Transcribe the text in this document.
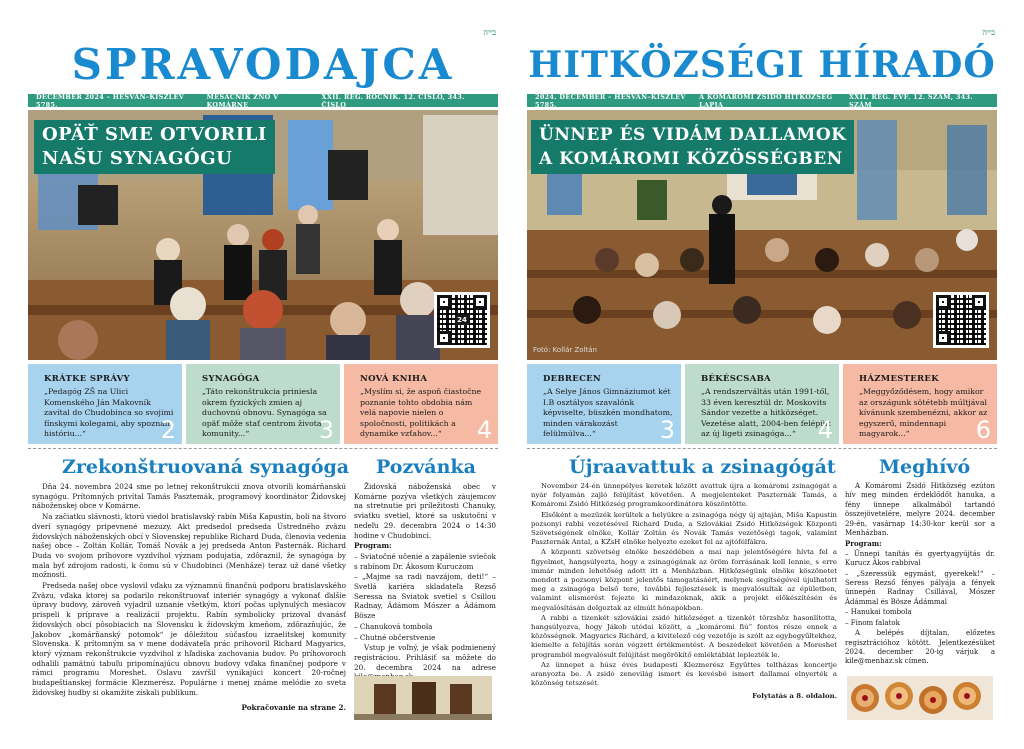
בייה
SPRAVODAJCA
DECEMBER 2024 – HESVÁN–KISZLÉV 5785.
MESAČNÍK ŽNO V KOMÁRNE
XXII. REG. ROČNÍK. 12. ČÍSLO, 343. ČÍSLO
OPÄŤ SME OTVORILI
NAŠU SYNAGÓGU
24
KRÁTKE SPRÁVY

„Pedagóg ZŠ na Ulici Komenského Ján Makovník zavítal do Chudobinca so svojimi fínskymi kolegami, aby spoznali históriu...“	2
SYNAGÓGA

„Táto rekonštrukcia priniesla okrem fyzických zmien aj duchovnú obnovu. Synagóga sa opäť môže stať centrom života komunity...“	3
NOVÁ KNIHA

„Myslím si, že aspoň čiastočne poznanie tohto obdobia nám velá napovie nielen o spoločnosti, politikách a dynamike vzťahov...“	4
Zrekonštruovaná synagóga

Dňa 24. novembra 2024 sme po letnej rekonštrukcii znova otvorili komárňanskú synagógu. Prítomných privítal Tamás Pasztemák, programový koordinátor Židovskej náboženskej obce v Komárne.

Na začiatku slávnosti, ktorú viedol bratislavský rabín Miša Kapustin, boli na štvoro dverí synagógy pripevnené mezuzy. Akt predsedol predseda Ústredného zväzu židovských náboženských obcí v Slovenskej republike Richard Duda, členovia vedenia našej obce – Zoltán Kollár, Tomáš Novák a jej predseda Anton Pasternák. Richard Duda vo svojom príhovore vyzdvihol význam podujatia, zdôraznil, že synagóga by mala byť zdrojom radosti, k čomu sú v Chudobinci (Menháze) teraz už dané všetky možnosti.

Predseda našej obce vyslovil vďaku za významnú finančnú podporu bratislavského Zväzu, vďaka ktorej sa podarilo rekonštruovať interiér synagógy a vykonať ďalšie úpravy budovy, zároveň vyjadril uznanie všetkým, ktorí počas uplynulých mesiacov prispeli k príprave a realizácii projektu. Rabín symbolicky prizoval dvanásť židovských obcí pôsobiacich na Slovensku k židovským kmeňom, zdôrazňujúc, že Jakobov „komárňanský potomok“ je dôležitou súčasťou izraelitskej komunity Slovenska. K prítomným sa v mene dodávateľa prác prihovoril Richard Magyarics, ktorý význam rekonštrukcie vyzdvihol z hľadiska zachovania budov. Po príhovoroch odhalili pamätnú tabuľu pripomínajúcu obnovu budovy vďaka finančnej podpore v rámci programu Moreshet. Oslavu zavŕšil vynikajúci koncert 20-ročnej budapeštianskej formácie Klezmerész. Populárne i menej známe melódie zo sveta židovskej hudby si okamžite získali publikum.

Pokračovanie na strane 2.

Pozvánka

Židovská náboženská obec v Komárne pozýva všetkých záujemcov na stretnutie pri príležitosti Chanuky, sviatku svetiel, ktoré sa uskutoční v nedeľu 29. decembra 2024 o 14:30 hodine v Chudobinci.

Program:

– Sviatočné učenie a zapálenie sviečok s rabínom Dr. Ákosom Kuruczom

– „Majme sa radi navzájom, deti!“ – Svetlá kariéra skladateľa Rezső Seressa na Sviatok svetiel s Csillou Radnay, Ádámom Mószer a Ádámom Bösze

– Chanuková tombola

– Chutné občerstvenie

Vstup je voľný, je však podmienený registráciou. Prihlásiť sa môžete do 20. decembra 2024 na adrese

בייה
HITKÖZSÉGI HÍRADÓ
2024. DECEMBER – HESVÁN–KISZLÉV 5785.
A KOMÁROMI ZSIDÓ HITKÖZSÉG LAPJA
XXII. REG. ÉVF. 12. SZÁM, 343. SZÁM
ÜNNEP ÉS VIDÁM DALLAMOK
A KOMÁROMI KÖZÖSSÉGBEN
Fotó: Kollár Zoltán
DEBRECEN

„A Selye János Gimnáziumot két I.B osztályos szavalónk képviselte, büszkén mondhatom, minden várakozást felülmúlva...“	3
BÉKÉSCSABA

„A rendszerváltás után 1991-től, 33 éven keresztül dr. Moskovits Sándor vezette a hitközséget. Vezetése alatt, 2004-ben felépült az új ligeti zsinagóga...“ 4
HÁZMESTEREK

„Meggyőződésem, hogy amikor az országunk sötétebb múltjával kívánunk szembenézni, akkor az egyszerű, mindennapi magyarok...“	6
Újraavattuk a zsinagógát

November 24-én ünnepélyes keretek között avattuk újra a komáromi zsinagógát a nyár folyamán zajló felújítást követően. A megjelenteket Paszternák Tamás, a Komáromi Zsidó Hitközség programkoordinátora köszöntötte.

Elsőként a mezüzék kerültek a helyükre a zsinagóga négy új ajtaján, Miša Kapustin pozsonyi rabbi vezetésével Richard Duda, a Szlovákiai Zsidó Hitközségek Központi Szövetségének elnöke, Kollár Zoltán és Novák Tamás vezetőségi tagok, valamint Paszternák Antal, a KZsH elnöke helyezte ezeket fel az ajtófélfákra.

A központi szövetség elnöke beszédében a mai nap jelentőségére hívta fel a figyelmet, hangsúlyozta, hogy a zsinagógának az öröm forrásának kell lennie, s erre immár minden lehetőség adott itt a Menházban. Hitközségünk elnöke köszönetet mondott a pozsonyi központ jelentős támogatásáért, melynek segítségével újulhatott meg a zsinagóga belső tere, további fejlesztések is megvalósultak az épületben, valamint elismerést fejezte ki mindazoknak, akik a projekt előkészítésén és megvalósításán dolgoztak az elmúlt hónapokban.

A rabbi a tizenkét szlovákiai zsidó hitközséget a tizenkét törzshöz hasonlította, hangsúlyozva, hogy Jákob utódai között, a „komáromi fiú“ fontos része ennek a közösségnek. Magyarics Richárd, a kivitelező cég vezetője is szólt az egybegyűltekhez, kiemelte a felújítás során végzett értékmentést. A beszédeket követően a Moreshet programból megvalósult felújítást megörökítő emléktáblát leplezték le.

Az ünnepet a húsz éves budapesti Klezmerész Együttes teltházas koncertje aranyozta be. A zsidó zenevilág ismert és kevésbé ismert dallamai elnyerték a közönség tetszését.

Folytatás a 8. oldalon.

Meghívó

A Komáromi Zsidó Hitközség ezúton hív meg minden érdeklődőt hanuka, a fény ünnepe alkalmából tartandó összejövetelére, melyre 2024. december 29-én, vasárnap 14:30-kor kerül sor a Menházban.

Program:

– Ünnepi tanítás és gyertyagyújtás dr. Kurucz Ákos rabbival

– „Szeressük egymást, gyerekek!“ – Seress Rezső fényes pályája a fények ünnepén Radnay Csillával, Mószer Ádámmal és Bösze Ádámmal

– Hanukai tombola

– Finom falatok

A belépés díjtalan, előzetes regisztrációhoz kötött. Jelentkezésüket 2024. december 20-ig várjuk a kile@menhaz.sk címen.
